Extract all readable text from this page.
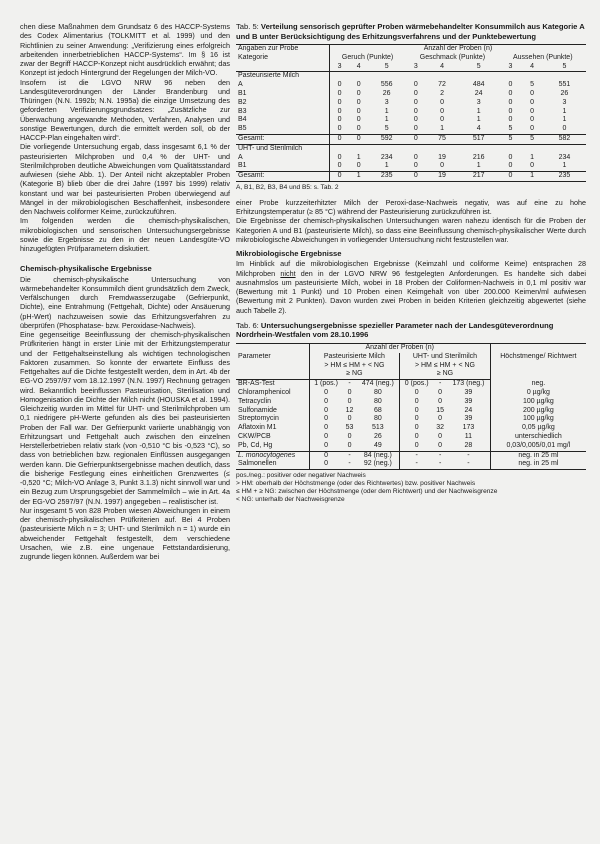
chen diese Maßnahmen dem Grundsatz 6 des HACCP-Systems des Codex Alimentarius (TOLKMITT et al. 1999) und den Richtlinien zu seiner Anwendung: „Verifizierung eines erfolgreich arbeitenden innerbetrieblichen HACCP-Systems“. Im § 16 ist zwar der Begriff HACCP-Konzept nicht ausdrücklich erwähnt; das Konzept ist jedoch Hintergrund der Regelungen der Milch-VO.

Insofern ist die LGVO NRW 96 neben den Landesgüteverordnungen der Länder Brandenburg und Thüringen (N.N. 1992b; N.N. 1995a) die einzige Umsetzung des geforderten Verifizierungsgrundsatzes: „Zusätzliche zur Überwachung angewandte Methoden, Verfahren, Analysen und sonstige Bewertungen, durch die ermittelt werden soll, ob der HACCP-Plan eingehalten wird“.

Die vorliegende Untersuchung ergab, dass insgesamt 6,1 % der pasteurisierten Milchproben und 0,4 % der UHT- und Sterilmilchproben deutliche Abweichungen vom Qualitätsstandard aufwiesen (siehe Abb. 1). Der Anteil nicht akzeptabler Proben (Kategorie B) blieb über die drei Jahre (1997 bis 1999) relativ konstant und war bei pasteurisierten Proben überwiegend auf Mängel in der mikrobiologischen Beschaffenheit, insbesondere den Nachweis coliformer Keime, zurückzuführen.

Im folgenden werden die chemisch-physikalischen, mikrobiologischen und sensorischen Untersuchungsergebnisse sowie die Ergebnisse zu den in der neuen Landesgüte-VO hinzugefügten Prüfparametern diskutiert.

Chemisch-physikalische Ergebnisse

Die chemisch-physikalische Untersuchung von wärmebehandelter Konsummilch dient grundsätzlich dem Zweck, Verfälschungen durch Fremdwasserzugabe (Gefrierpunkt, Dichte), eine Entrahmung (Fettgehalt, Dichte) oder Ansäuerung (pH-Wert) nachzuweisen sowie das Erhitzungsverfahren zu überprüfen (Phosphatase- bzw. Peroxidase-Nachweis).

Eine gegenseitige Beeinflussung der chemisch-physikalischen Prüfkriterien hängt in erster Linie mit der Erhitzungstemperatur und der Fettgehaltseinstellung als wichtigen technologischen Faktoren zusammen. So konnte der erwartete Einfluss des Fettgehaltes auf die Dichte festgestellt werden, dem in Art. 4b der EG-VO 2597/97 vom 18.12.1997 (N.N. 1997) Rechnung getragen wird. Bekanntlich beeinflussen Pasteurisation, Sterilisation und Homogenisation die Dichte der Milch nicht (HOUSKA et al. 1994). Gleichzeitig wurden im Mittel für UHT- und Sterilmilchproben um 0,1 niedrigere pH-Werte gefunden als dies bei pasteurisierten Proben der Fall war. Der Gefrierpunkt variierte unabhängig von Erhitzungsart und Fettgehalt auch zwischen den einzelnen Herstellerbetrieben relativ stark (von -0,510 °C bis -0,523 °C), so dass von betrieblichen bzw. regionalen Einflüssen ausgegangen werden kann. Die Gefrierpunktsergebnisse machen deutlich, dass die bisherige Festlegung eines einheitlichen Grenzwertes (≤ -0,520 °C; Milch-VO Anlage 3, Punkt 3.1.3) nicht sinnvoll war und ein Bezug zum Ursprungsgebiet der Sammelmilch – wie in Art. 4a der EG-VO 2597/97 (N.N. 1997) angegeben – realistischer ist.

Nur insgesamt 5 von 828 Proben wiesen Abweichungen in einem der chemisch-physikalischen Prüfkriterien auf. Bei 4 Proben (pasteurisierte Milch n = 3; UHT- und Sterilmilch n = 1) wurde ein abweichender Fettgehalt festgestellt, dem verschiedene Ursachen, wie z.B. eine ungenaue Fettstandardisierung, zugrunde liegen können. Außerdem war bei

Tab. 5: Verteilung sensorisch geprüfter Proben wärmebehandelter Konsummilch aus Kategorie A und B unter Berücksichtigung des Erhitzungsverfahrens und der Punktebewertung
Angaben zur Probe	Anzahl der Proben (n)								
Kategorie	Geruch (Punkte)			Geschmack (Punkte)			Aussehen (Punkte)		
	3	4	5	3	4	5	3	4	5
Pasteurisierte Milch									
A	0	0	556	0	72	484	0	5	551
B1	0	0	26	0	2	24	0	0	26
B2	0	0	3	0	0	3	0	0	3
B3	0	0	1	0	0	1	0	0	1
B4	0	0	1	0	0	1	0	0	1
B5	0	0	5	0	1	4	5	0	0
Gesamt:	0	0	592	0	75	517	5	5	582
UHT- und Sterilmilch									
A	0	1	234	0	19	216	0	1	234
B1	0	0	1	0	0	1	0	0	1
Gesamt:	0	1	235	0	19	217	0	1	235
A, B1, B2, B3, B4 und B5: s. Tab. 2

einer Probe kurzzeiterhitzter Milch der Peroxi-dase-Nachweis negativ, was auf eine zu hohe Erhitzungstemperatur (≥ 85 °C) während der Pasteurisierung zurückzuführen ist.

Die Ergebnisse der chemisch-physikalischen Untersuchungen waren nahezu identisch für die Proben der Kategorien A und B1 (pasteurisierte Milch), so dass eine Beeinflussung chemisch-physikalischer Werte durch mikrobiologische Abweichungen in vorliegender Untersuchung nicht festzustellen war.

Mikrobiologische Ergebnisse

Im Hinblick auf die mikrobiologischen Ergebnisse (Keimzahl und coliforme Keime) entsprachen 28 Milchproben nicht den in der LGVO NRW 96 festgelegten Anforderungen. Es handelte sich dabei ausnahmslos um pasteurisierte Milch, wobei in 18 Proben der Coliformen-Nachweis in 0,1 ml positiv war (Bewertung mit 1 Punkt) und 10 Proben einen Keimgehalt von über 200.000 Keimen/ml aufwiesen (Bewertung mit 2 Punkten). Davon wurden zwei Proben in beiden Kriterien gleichzeitig abgewertet (siehe auch Tabelle 2).

Tab. 6: Untersuchungsergebnisse spezieller Parameter nach der Landesgüteverordnung Nordrhein-Westfalen vom 28.10.1996
	Anzahl der Proben (n)						
Parameter	Pasteurisierte Milch			UHT- und Sterilmilch			Höchstmenge/ Richtwert
	> HM ≤ HM + < NG			> HM ≤ HM + < NG			
	≥ NG			≥ NG			
BR-AS-Test	1 (pos.)	-	474 (neg.)	0 (pos.)	-	173 (neg.)	neg.
Chloramphenicol	0	0	80	0	0	39	0 µg/kg
Tetracyclin	0	0	80	0	0	39	100 µg/kg
Sulfonamide	0	12	68	0	15	24	200 µg/kg
Streptomycin	0	0	80	0	0	39	100 µg/kg
Aflatoxin M1	0	53	513	0	32	173	0,05 µg/kg
CKW/PCB	0	0	26	0	0	11	unterschiedlich
Pb, Cd, Hg	0	0	49	0	0	28	0,03/0,005/0,01 mg/l
L. monocytogenes	0	-	84 (neg.)	-	-	-	neg. in 25 ml
Salmonellen	0	-	92 (neg.)	-	-	-	neg. in 25 ml
pos./neg.: positiver oder negativer Nachweis
> HM: oberhalb der Höchstmenge (oder des Richtwertes) bzw. positiver Nachweis
≤ HM + ≥ NG: zwischen der Höchstmenge (oder dem Richtwert) und der Nachweisgrenze
< NG: unterhalb der Nachweisgrenze
